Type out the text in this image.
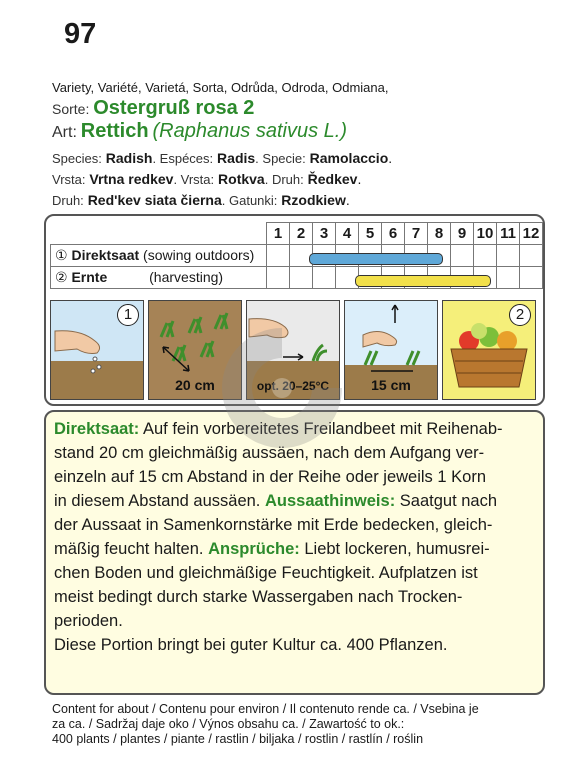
97
Variety, Variété, Varietá, Sorta, Odrůda, Odroda, Odmiana,
Sorte: Ostergruß rosa 2
Art: Rettich (Raphanus sativus L.)
Species: Radish. Espéces: Radis. Specie: Ramolaccio.
Vrsta: Vrtna redkev. Vrsta: Rotkva. Druh: Ředkev.
Druh: Red'kev siata čierna. Gatunki: Rzodkiew.
	1	2	3	4	5	6	7	8	9	10	11	12
① Direktsaat (sowing outdoors)												
② Ernte (harvesting)												
1
20 cm	opt. 20–25°C	15 cm
2

Direktsaat: Auf fein vorbereitetes Freilandbeet mit Reihenab-

stand 20 cm gleichmäßig aussäen, nach dem Aufgang ver-

einzeln auf 15 cm Abstand in der Reihe oder jeweils 1 Korn

in diesem Abstand aussäen. Aussaathinweis: Saatgut nach

der Aussaat in Samenkornstärke mit Erde bedecken, gleich-

mäßig feucht halten. Ansprüche: Liebt lockeren, humusrei-

chen Boden und gleichmäßige Feuchtigkeit. Aufplatzen ist

meist bedingt durch starke Wassergaben nach Trocken-

perioden.

Diese Portion bringt bei guter Kultur ca. 400 Pflanzen.

Content for about / Contenu pour environ / Il contenuto rende ca. / Vsebina je
za ca. / Sadržaj daje oko / Výnos obsahu ca. / Zawartość to ok.:
400 plants / plantes / piante / rastlin / biljaka / rostlin / rastlín / roślin
